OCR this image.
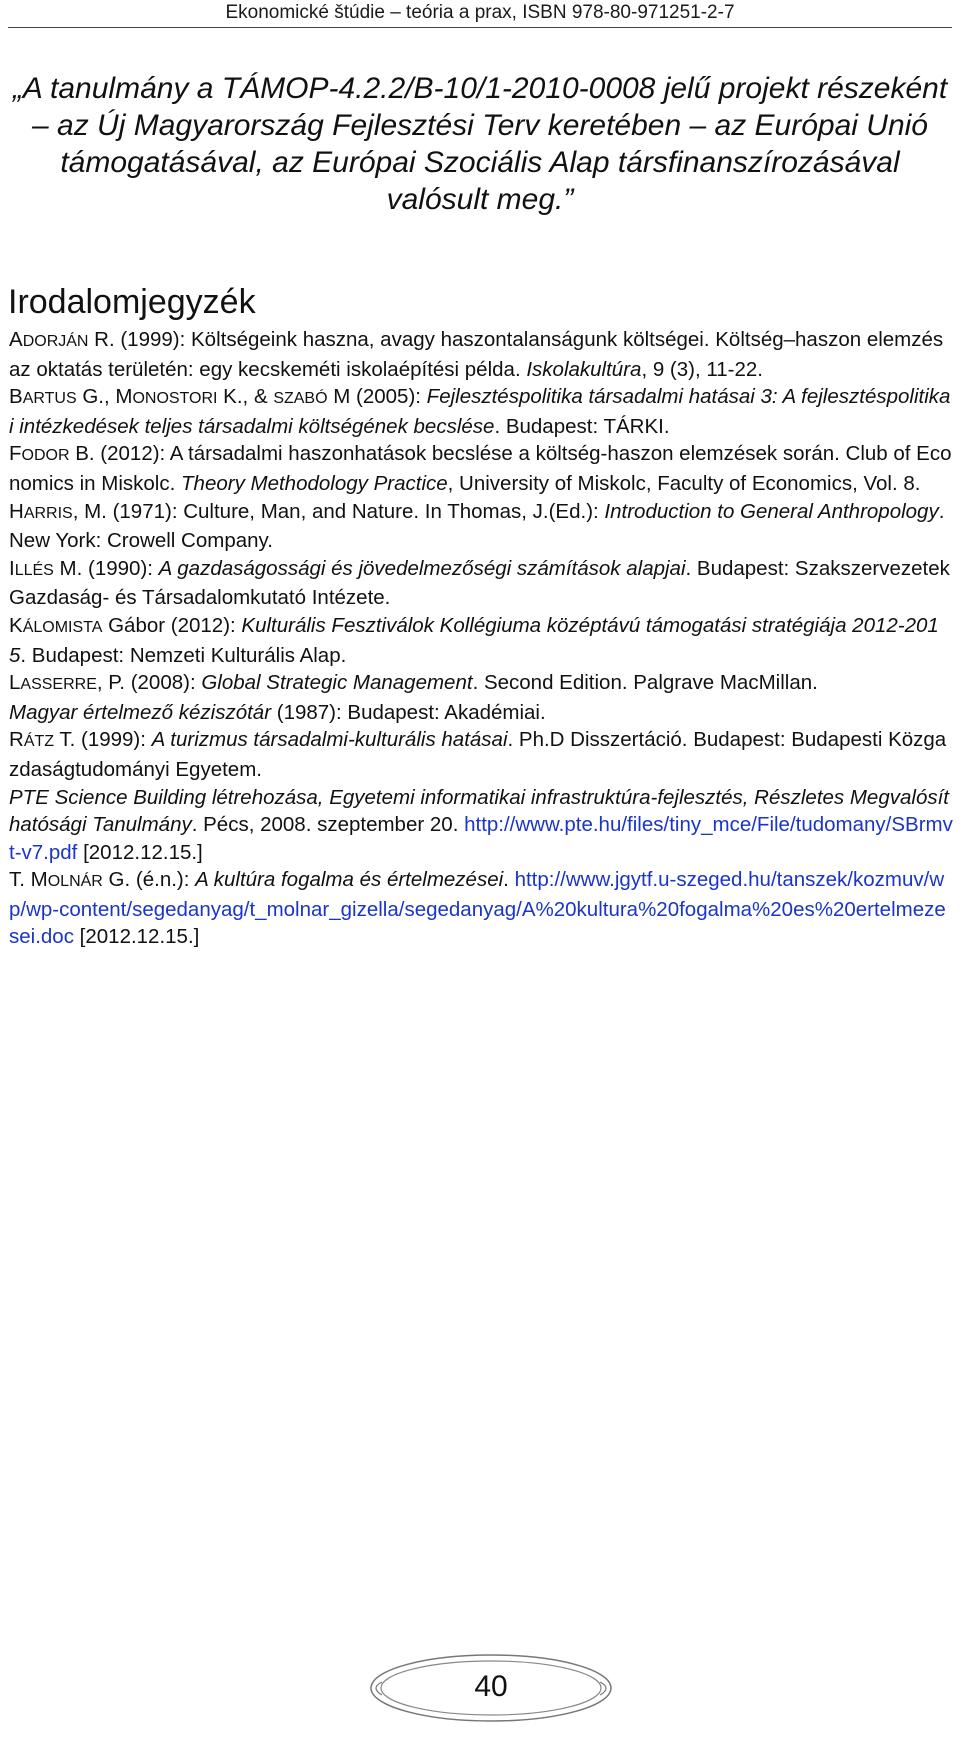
Ekonomické štúdie – teória a prax, ISBN 978-80-971251-2-7
„A tanulmány a TÁMOP-4.2.2/B-10/1-2010-0008 jelű projekt részeként – az Új Magyarország Fejlesztési Terv keretében – az Európai Unió támogatásával, az Európai Szociális Alap társfinanszírozásával valósult meg.”
Irodalomjegyzék

ADORJÁN R. (1999): Költségeink haszna, avagy haszontalanságunk költségei. Költség–haszon elemzés az oktatás területén: egy kecskeméti iskolaépítési példa. Iskolakultúra, 9 (3), 11-22.

BARTUS G., MONOSTORI K., & SZABÓ M (2005): Fejlesztéspolitika társadalmi hatásai 3: A fejlesztéspolitikai intézkedések teljes társadalmi költségének becslése. Budapest: TÁRKI.

FODOR B. (2012): A társadalmi haszonhatások becslése a költség-haszon elemzések során. Club of Economics in Miskolc. Theory Methodology Practice, University of Miskolc, Faculty of Economics, Vol. 8.

HARRIS, M. (1971): Culture, Man, and Nature. In Thomas, J.(Ed.): Introduction to General Anthropology. New York: Crowell Company.

ILLÉS M. (1990): A gazdaságossági és jövedelmezőségi számítások alapjai. Budapest: Szakszervezetek Gazdaság- és Társadalomkutató Intézete.

KÁLOMISTA Gábor (2012): Kulturális Fesztiválok Kollégiuma középtávú támogatási stratégiája 2012-2015. Budapest: Nemzeti Kulturális Alap.

LASSERRE, P. (2008): Global Strategic Management. Second Edition. Palgrave MacMillan.

Magyar értelmező kéziszótár (1987): Budapest: Akadémiai.

RÁTZ T. (1999): A turizmus társadalmi-kulturális hatásai. Ph.D Disszertáció. Budapest: Budapesti Közgazdaságtudományi Egyetem.

PTE Science Building létrehozása, Egyetemi informatikai infrastruktúra-fejlesztés, Részletes Megvalósíthatósági Tanulmány. Pécs, 2008. szeptember 20. http://www.pte.hu/files/tiny_mce/File/tudomany/SBrmvt-v7.pdf [2012.12.15.]

T. MOLNÁR G. (é.n.): A kultúra fogalma és értelmezései. http://www.jgytf.u-szeged.hu/tanszek/kozmuv/wp/wp-content/segedanyag/t_molnar_gizella/segedanyag/A%20kultura%20fogalma%20es%20ertelmezesei.doc [2012.12.15.]

40
